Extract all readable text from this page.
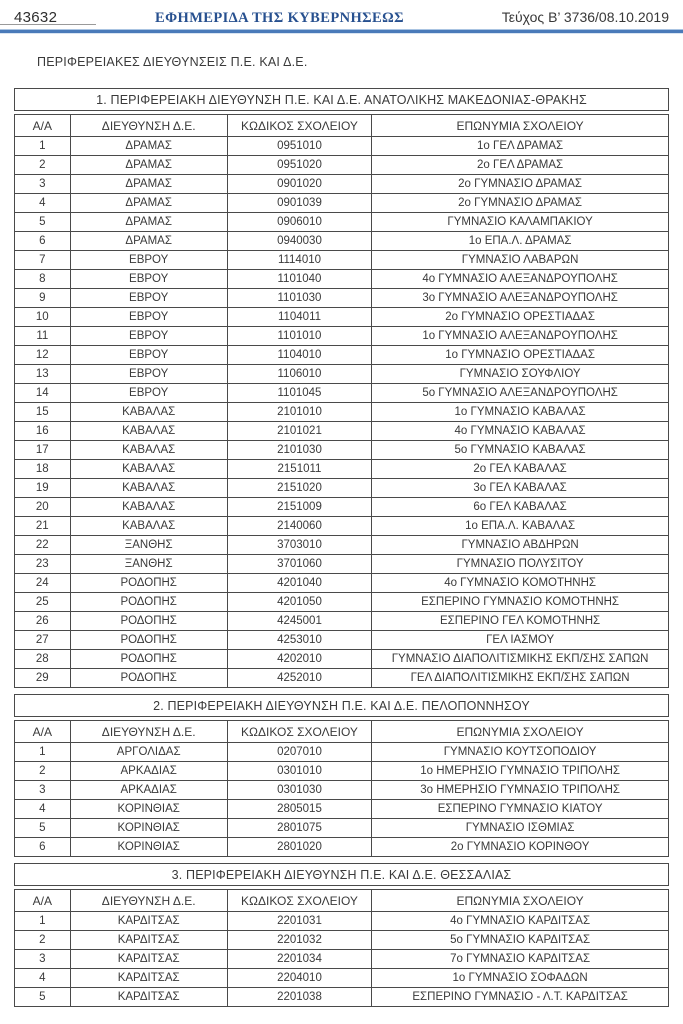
43632	ΕΦΗΜΕΡΙΔΑ ΤΗΣ ΚΥΒΕΡΝΗΣΕΩΣ	Τεύχος Β’ 3736/08.10.2019
ΠΕΡΙΦΕΡΕΙΑΚΕΣ ΔΙΕΥΘΥΝΣΕΙΣ Π.Ε. ΚΑΙ Δ.Ε.
1. ΠΕΡΙΦΕΡΕΙΑΚΗ ΔΙΕΥΘΥΝΣΗ Π.Ε. ΚΑΙ Δ.Ε. ΑΝΑΤΟΛΙΚΗΣ ΜΑΚΕΔΟΝΙΑΣ-ΘΡΑΚΗΣ
Α/Α	ΔΙΕΥΘΥΝΣΗ Δ.Ε.	ΚΩΔΙΚΟΣ ΣΧΟΛΕΙΟΥ	ΕΠΩΝΥΜΙΑ ΣΧΟΛΕΙΟΥ
1	ΔΡΑΜΑΣ	0951010	1ο ΓΕΛ ΔΡΑΜΑΣ
2	ΔΡΑΜΑΣ	0951020	2ο ΓΕΛ ΔΡΑΜΑΣ
3	ΔΡΑΜΑΣ	0901020	2ο ΓΥΜΝΑΣΙΟ ΔΡΑΜΑΣ
4	ΔΡΑΜΑΣ	0901039	2ο ΓΥΜΝΑΣΙΟ ΔΡΑΜΑΣ
5	ΔΡΑΜΑΣ	0906010	ΓΥΜΝΑΣΙΟ ΚΑΛΑΜΠΑΚΙΟΥ
6	ΔΡΑΜΑΣ	0940030	1ο ΕΠΑ.Λ. ΔΡΑΜΑΣ
7	ΕΒΡΟΥ	1114010	ΓΥΜΝΑΣΙΟ ΛΑΒΑΡΩΝ
8	ΕΒΡΟΥ	1101040	4ο ΓΥΜΝΑΣΙΟ ΑΛΕΞΑΝΔΡΟΥΠΟΛΗΣ
9	ΕΒΡΟΥ	1101030	3ο ΓΥΜΝΑΣΙΟ ΑΛΕΞΑΝΔΡΟΥΠΟΛΗΣ
10	ΕΒΡΟΥ	1104011	2ο ΓΥΜΝΑΣΙΟ ΟΡΕΣΤΙΑΔΑΣ
11	ΕΒΡΟΥ	1101010	1ο ΓΥΜΝΑΣΙΟ ΑΛΕΞΑΝΔΡΟΥΠΟΛΗΣ
12	ΕΒΡΟΥ	1104010	1ο ΓΥΜΝΑΣΙΟ ΟΡΕΣΤΙΑΔΑΣ
13	ΕΒΡΟΥ	1106010	ΓΥΜΝΑΣΙΟ ΣΟΥΦΛΙΟΥ
14	ΕΒΡΟΥ	1101045	5ο ΓΥΜΝΑΣΙΟ ΑΛΕΞΑΝΔΡΟΥΠΟΛΗΣ
15	ΚΑΒΑΛΑΣ	2101010	1ο ΓΥΜΝΑΣΙΟ ΚΑΒΑΛΑΣ
16	ΚΑΒΑΛΑΣ	2101021	4ο ΓΥΜΝΑΣΙΟ ΚΑΒΑΛΑΣ
17	ΚΑΒΑΛΑΣ	2101030	5ο ΓΥΜΝΑΣΙΟ ΚΑΒΑΛΑΣ
18	ΚΑΒΑΛΑΣ	2151011	2ο ΓΕΛ ΚΑΒΑΛΑΣ
19	ΚΑΒΑΛΑΣ	2151020	3ο ΓΕΛ ΚΑΒΑΛΑΣ
20	ΚΑΒΑΛΑΣ	2151009	6ο ΓΕΛ ΚΑΒΑΛΑΣ
21	ΚΑΒΑΛΑΣ	2140060	1ο ΕΠΑ.Λ. ΚΑΒΑΛΑΣ
22	ΞΑΝΘΗΣ	3703010	ΓΥΜΝΑΣΙΟ ΑΒΔΗΡΩΝ
23	ΞΑΝΘΗΣ	3701060	ΓΥΜΝΑΣΙΟ ΠΟΛΥΣΙΤΟΥ
24	ΡΟΔΟΠΗΣ	4201040	4ο ΓΥΜΝΑΣΙΟ ΚΟΜΟΤΗΝΗΣ
25	ΡΟΔΟΠΗΣ	4201050	ΕΣΠΕΡΙΝΟ ΓΥΜΝΑΣΙΟ ΚΟΜΟΤΗΝΗΣ
26	ΡΟΔΟΠΗΣ	4245001	ΕΣΠΕΡΙΝΟ ΓΕΛ ΚΟΜΟΤΗΝΗΣ
27	ΡΟΔΟΠΗΣ	4253010	ΓΕΛ ΙΑΣΜΟΥ
28	ΡΟΔΟΠΗΣ	4202010	ΓΥΜΝΑΣΙΟ ΔΙΑΠΟΛΙΤΙΣΜΙΚΗΣ ΕΚΠ/ΣΗΣ ΣΑΠΩΝ
29	ΡΟΔΟΠΗΣ	4252010	ΓΕΛ ΔΙΑΠΟΛΙΤΙΣΜΙΚΗΣ ΕΚΠ/ΣΗΣ ΣΑΠΩΝ
2. ΠΕΡΙΦΕΡΕΙΑΚΗ ΔΙΕΥΘΥΝΣΗ Π.Ε. ΚΑΙ Δ.Ε. ΠΕΛΟΠΟΝΝΗΣΟΥ
Α/Α	ΔΙΕΥΘΥΝΣΗ Δ.Ε.	ΚΩΔΙΚΟΣ ΣΧΟΛΕΙΟΥ	ΕΠΩΝΥΜΙΑ ΣΧΟΛΕΙΟΥ
1	ΑΡΓΟΛΙΔΑΣ	0207010	ΓΥΜΝΑΣΙΟ ΚΟΥΤΣΟΠΟΔΙΟΥ
2	ΑΡΚΑΔΙΑΣ	0301010	1ο ΗΜΕΡΗΣΙΟ ΓΥΜΝΑΣΙΟ ΤΡΙΠΟΛΗΣ
3	ΑΡΚΑΔΙΑΣ	0301030	3ο ΗΜΕΡΗΣΙΟ ΓΥΜΝΑΣΙΟ ΤΡΙΠΟΛΗΣ
4	ΚΟΡΙΝΘΙΑΣ	2805015	ΕΣΠΕΡΙΝΟ ΓΥΜΝΑΣΙΟ ΚΙΑΤΟΥ
5	ΚΟΡΙΝΘΙΑΣ	2801075	ΓΥΜΝΑΣΙΟ ΙΣΘΜΙΑΣ
6	ΚΟΡΙΝΘΙΑΣ	2801020	2ο ΓΥΜΝΑΣΙΟ ΚΟΡΙΝΘΟΥ
3. ΠΕΡΙΦΕΡΕΙΑΚΗ ΔΙΕΥΘΥΝΣΗ Π.Ε. ΚΑΙ Δ.Ε. ΘΕΣΣΑΛΙΑΣ
Α/Α	ΔΙΕΥΘΥΝΣΗ Δ.Ε.	ΚΩΔΙΚΟΣ ΣΧΟΛΕΙΟΥ	ΕΠΩΝΥΜΙΑ ΣΧΟΛΕΙΟΥ
1	ΚΑΡΔΙΤΣΑΣ	2201031	4ο ΓΥΜΝΑΣΙΟ ΚΑΡΔΙΤΣΑΣ
2	ΚΑΡΔΙΤΣΑΣ	2201032	5ο ΓΥΜΝΑΣΙΟ ΚΑΡΔΙΤΣΑΣ
3	ΚΑΡΔΙΤΣΑΣ	2201034	7ο ΓΥΜΝΑΣΙΟ ΚΑΡΔΙΤΣΑΣ
4	ΚΑΡΔΙΤΣΑΣ	2204010	1ο ΓΥΜΝΑΣΙΟ ΣΟΦΑΔΩΝ
5	ΚΑΡΔΙΤΣΑΣ	2201038	ΕΣΠΕΡΙΝΟ ΓΥΜΝΑΣΙΟ - Λ.Τ. ΚΑΡΔΙΤΣΑΣ
